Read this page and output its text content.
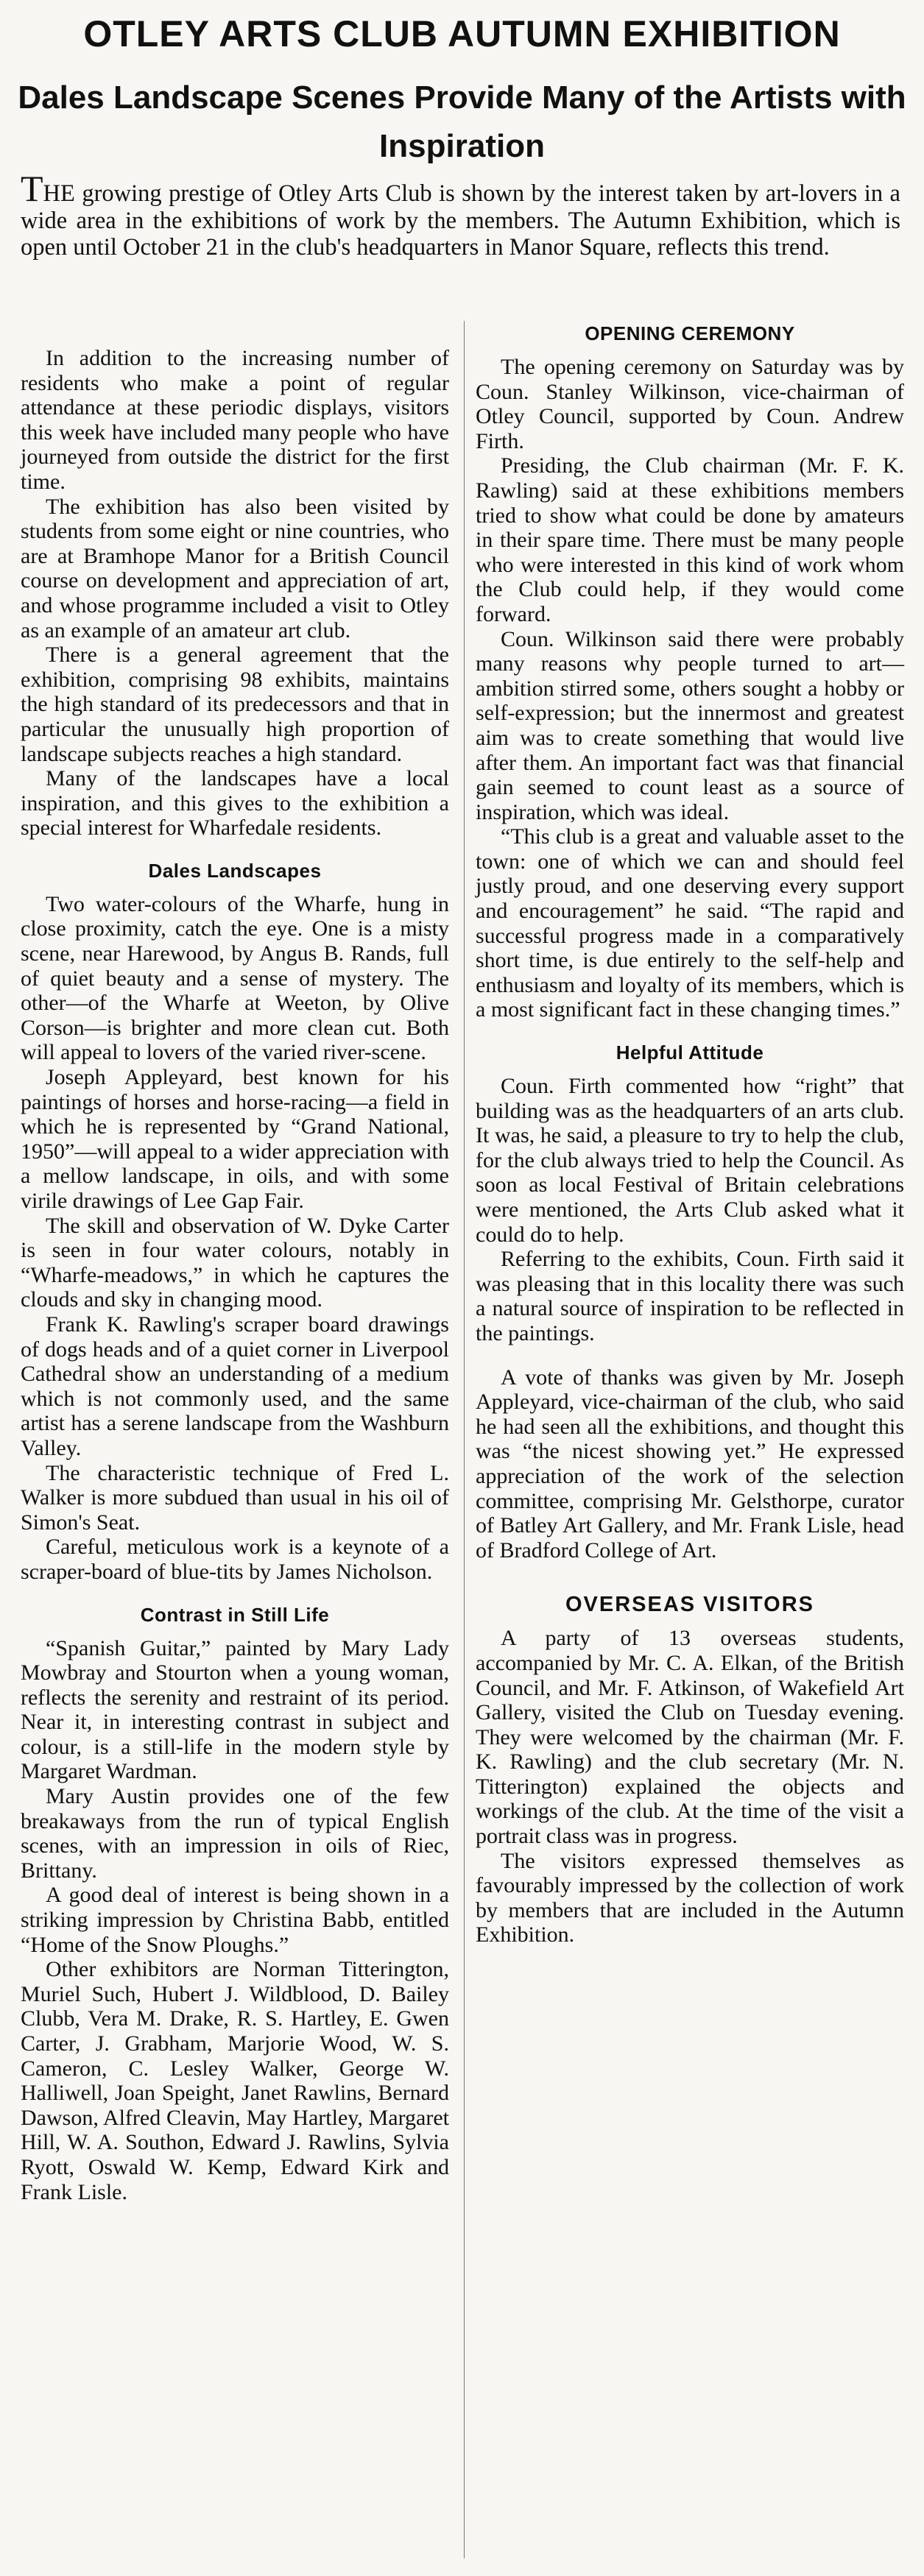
OTLEY ARTS CLUB AUTUMN EXHIBITION
Dales Landscape Scenes Provide Many of the Artists with Inspiration
THE growing prestige of Otley Arts Club is shown by the interest taken by art-lovers in a wide area in the exhibitions of work by the members. The Autumn Exhibition, which is open until October 21 in the club's headquarters in Manor Square, reflects this trend.

In addition to the increasing number of residents who make a point of regular attendance at these periodic displays, visitors this week have included many people who have journeyed from outside the district for the first time.

The exhibition has also been visited by students from some eight or nine countries, who are at Bramhope Manor for a British Council course on development and appreciation of art, and whose programme included a visit to Otley as an example of an amateur art club.

There is a general agreement that the exhibition, comprising 98 exhibits, maintains the high standard of its predecessors and that in particular the unusually high proportion of landscape subjects reaches a high standard.

Many of the landscapes have a local inspiration, and this gives to the exhibition a special interest for Wharfedale residents.

Dales Landscapes

Two water-colours of the Wharfe, hung in close proximity, catch the eye. One is a misty scene, near Harewood, by Angus B. Rands, full of quiet beauty and a sense of mystery. The other—of the Wharfe at Weeton, by Olive Corson—is brighter and more clean cut. Both will appeal to lovers of the varied river-scene.

Joseph Appleyard, best known for his paintings of horses and horse-racing—a field in which he is represented by “Grand National, 1950”—will appeal to a wider appreciation with a mellow landscape, in oils, and with some virile drawings of Lee Gap Fair.

The skill and observation of W. Dyke Carter is seen in four water colours, notably in “Wharfe-meadows,” in which he captures the clouds and sky in changing mood.

Frank K. Rawling's scraper board drawings of dogs heads and of a quiet corner in Liverpool Cathedral show an understanding of a medium which is not commonly used, and the same artist has a serene landscape from the Washburn Valley.

The characteristic technique of Fred L. Walker is more subdued than usual in his oil of Simon's Seat.

Careful, meticulous work is a keynote of a scraper-board of blue-tits by James Nicholson.

Contrast in Still Life

“Spanish Guitar,” painted by Mary Lady Mowbray and Stourton when a young woman, reflects the serenity and restraint of its period. Near it, in interesting contrast in subject and colour, is a still-life in the modern style by Margaret Wardman.

Mary Austin provides one of the few breakaways from the run of typical English scenes, with an impression in oils of Riec, Brittany.

A good deal of interest is being shown in a striking impression by Christina Babb, entitled “Home of the Snow Ploughs.”

Other exhibitors are Norman Titterington, Muriel Such, Hubert J. Wildblood, D. Bailey Clubb, Vera M. Drake, R. S. Hartley, E. Gwen Carter, J. Grabham, Marjorie Wood, W. S. Cameron, C. Lesley Walker, George W. Halliwell, Joan Speight, Janet Rawlins, Bernard Dawson, Alfred Cleavin, May Hartley, Margaret Hill, W. A. Southon, Edward J. Rawlins, Sylvia Ryott, Oswald W. Kemp, Edward Kirk and Frank Lisle.

OPENING CEREMONY

The opening ceremony on Saturday was by Coun. Stanley Wilkinson, vice-chairman of Otley Council, supported by Coun. Andrew Firth.

Presiding, the Club chairman (Mr. F. K. Rawling) said at these exhibitions members tried to show what could be done by amateurs in their spare time. There must be many people who were interested in this kind of work whom the Club could help, if they would come forward.

Coun. Wilkinson said there were probably many reasons why people turned to art—ambition stirred some, others sought a hobby or self-expression; but the innermost and greatest aim was to create something that would live after them. An important fact was that financial gain seemed to count least as a source of inspiration, which was ideal.

“This club is a great and valuable asset to the town: one of which we can and should feel justly proud, and one deserving every support and encouragement” he said. “The rapid and successful progress made in a comparatively short time, is due entirely to the self-help and enthusiasm and loyalty of its members, which is a most significant fact in these changing times.”

Helpful Attitude

Coun. Firth commented how “right” that building was as the headquarters of an arts club. It was, he said, a pleasure to try to help the club, for the club always tried to help the Council. As soon as local Festival of Britain celebrations were mentioned, the Arts Club asked what it could do to help.

Referring to the exhibits, Coun. Firth said it was pleasing that in this locality there was such a natural source of inspiration to be reflected in the paintings.

A vote of thanks was given by Mr. Joseph Appleyard, vice-chairman of the club, who said he had seen all the exhibitions, and thought this was “the nicest showing yet.” He expressed appreciation of the work of the selection committee, comprising Mr. Gelsthorpe, curator of Batley Art Gallery, and Mr. Frank Lisle, head of Bradford College of Art.

OVERSEAS VISITORS

A party of 13 overseas students, accompanied by Mr. C. A. Elkan, of the British Council, and Mr. F. Atkinson, of Wakefield Art Gallery, visited the Club on Tuesday evening. They were welcomed by the chairman (Mr. F. K. Rawling) and the club secretary (Mr. N. Titterington) explained the objects and workings of the club. At the time of the visit a portrait class was in progress.

The visitors expressed themselves as favourably impressed by the collection of work by members that are included in the Autumn Exhibition.
